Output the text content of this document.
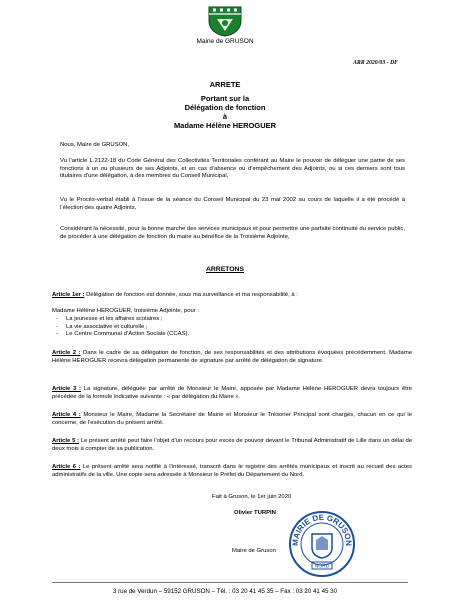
Mairie de GRUSON
ARR 2020/03 - DF
ARRETE
Portant sur la
Délégation de fonction
à
Madame Hélène HEROGUER
Nous, Maire de GRUSON,
Vu l’article L.2122-18 du Code Général des Collectivités Territoriales conférant au Maire le pouvoir de déléguer une partie de ses fonctions à un ou plusieurs de ses Adjoints, et en cas d’absence ou d’empêchement des Adjoints, ou si ces derniers sont tous titulaires d’une délégation, à des membres du Conseil Municipal,
Vu le Procès-verbal établi à l’issue de la séance du Conseil Municipal du 23 mai 2002 au cours de laquelle il a été procédé à l’élection des quatre Adjoints,
Considérant la nécessité, pour la bonne marche des services municipaux et pour permettre une parfaite continuité du service public, de procéder à une délégation de fonction du maire au bénéfice de la Troisième Adjointe,
ARRETONS
Article 1er : Délégation de fonction est donnée, sous ma surveillance et ma responsabilité, à :
Madame Hélène HEROGUER, troisième Adjointe, pour :
- La jeunesse et les affaires scolaires ;
- La vie associative et culturelle ;
- Le Centre Communal d’Action Sociale (CCAS).
Article 2 : Dans le cadre de sa délégation de fonction, de ses responsabilités et des attributions évoquées précédemment, Madame Hélène HEROGUER recevra délégation permanente de signature par arrêté de délégation de signature.
Article 3 : La signature, déléguée par arrêté de Monsieur le Maire, apposée par Madame Hélène HEROGUER devra toujours être précédée de la formule indicative suivante : « par délégation du Maire ».
Article 4 : Monsieur le Maire, Madame la Secrétaire de Mairie et Monsieur le Trésorier Principal sont chargés, chacun en ce qui le concerne, de l’exécution du présent arrêté.
Article 5 : Le présent arrêté peut faire l’objet d’un recours pour excès de pouvoir devant le Tribunal Administratif de Lille dans un délai de deux mois à compter de sa publication.
Article 6 : Le présent arrêté sera notifié à l’intéressé, transcrit dans le registre des arrêtés municipaux et inscrit au recueil des actes administratifs de la ville. Une copie sera adressée à Monsieur le Préfet du Département du Nord.
Fait à Gruson, le 1er juin 2020
Olivier TURPIN
Maire de Gruson
MAIRIE DE GRUSON
NORD
3 rue de Verdun – 59152 GRUSON – Tél. : 03 20 41 45 35 – Fax : 03 20 41 45 30
